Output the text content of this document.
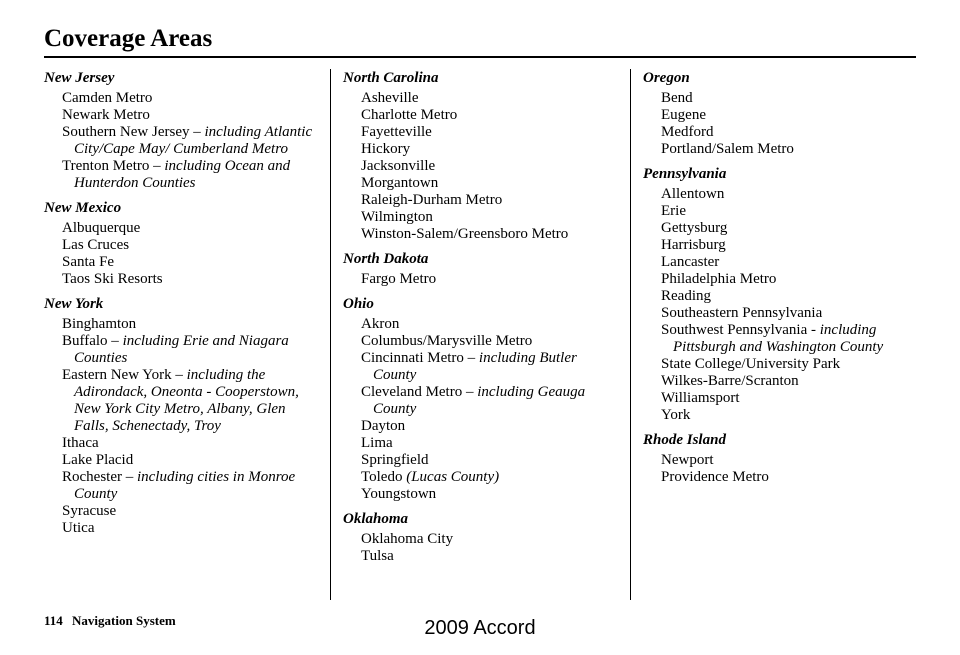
Coverage Areas
New Jersey
Camden Metro
Newark Metro
Southern New Jersey – including Atlantic City/Cape May/ Cumberland Metro
Trenton Metro – including Ocean and Hunterdon Counties
New Mexico
Albuquerque
Las Cruces
Santa Fe
Taos Ski Resorts
New York
Binghamton
Buffalo – including Erie and Niagara Counties
Eastern New York – including the Adirondack, Oneonta - Cooperstown, New York City Metro, Albany, Glen Falls, Schenectady, Troy
Ithaca
Lake Placid
Rochester – including cities in Monroe County
Syracuse
Utica
North Carolina
Asheville
Charlotte Metro
Fayetteville
Hickory
Jacksonville
Morgantown
Raleigh-Durham Metro
Wilmington
Winston-Salem/Greensboro Metro
North Dakota
Fargo Metro
Ohio
Akron
Columbus/Marysville Metro
Cincinnati Metro – including Butler County
Cleveland Metro – including Geauga County
Dayton
Lima
Springfield
Toledo (Lucas County)
Youngstown
Oklahoma
Oklahoma City
Tulsa
Oregon
Bend
Eugene
Medford
Portland/Salem Metro
Pennsylvania
Allentown
Erie
Gettysburg
Harrisburg
Lancaster
Philadelphia Metro
Reading
Southeastern Pennsylvania
Southwest Pennsylvania - including Pittsburgh and Washington County
State College/University Park
Wilkes-Barre/Scranton
Williamsport
York
Rhode Island
Newport
Providence Metro
114 Navigation System	2009 Accord
